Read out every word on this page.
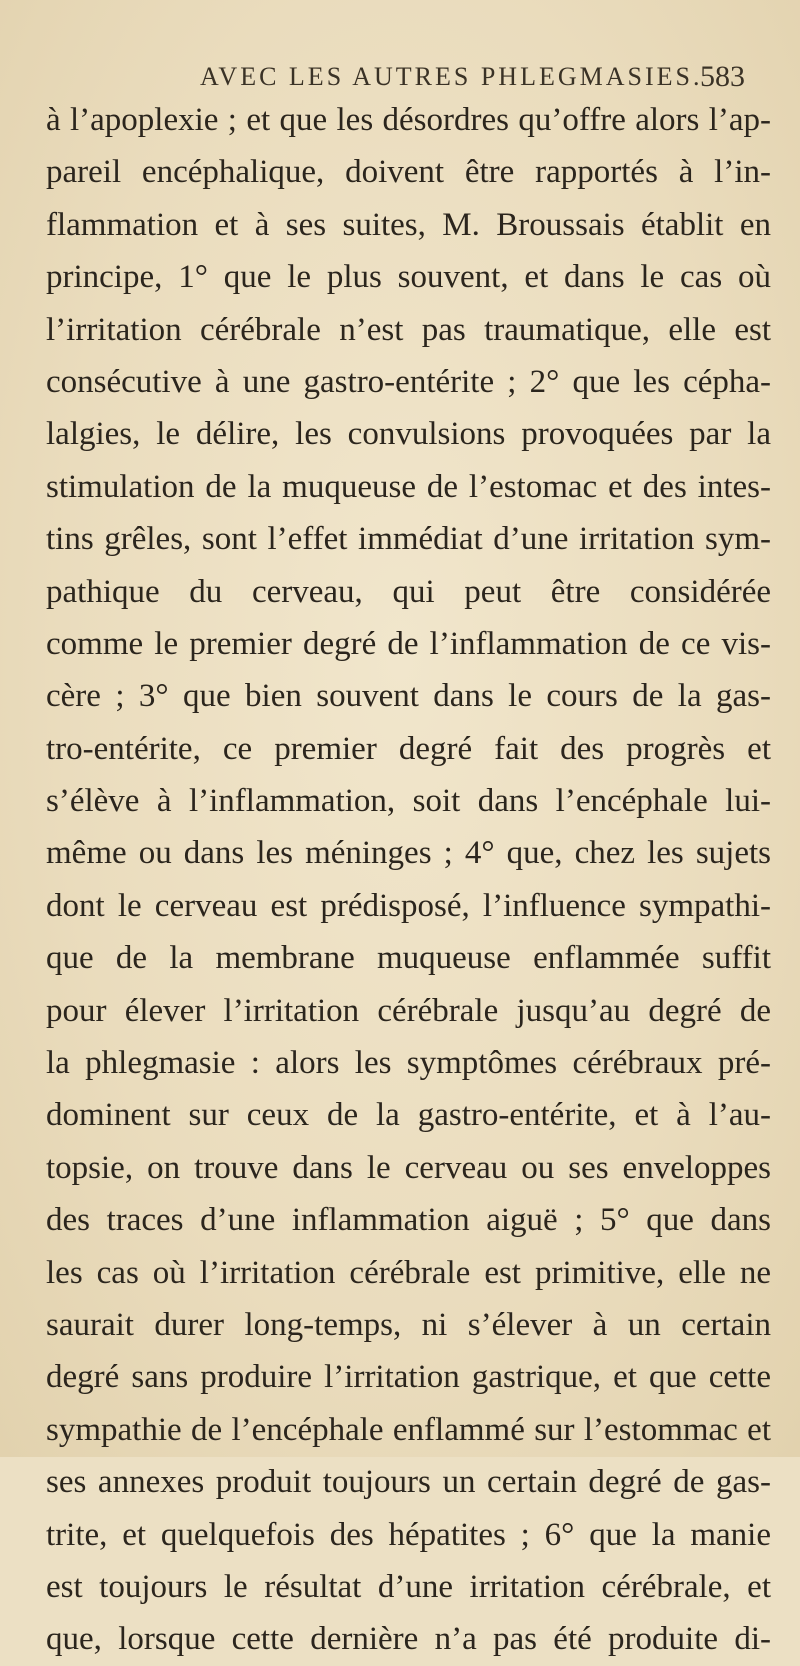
AVEC LES AUTRES PHLEGMASIES.
583
à l’apoplexie ; et que les désordres qu’offre alors l’ap-
pareil encéphalique, doivent être rapportés à l’in-
flammation et à ses suites, M. Broussais établit en
principe, 1° que le plus souvent, et dans le cas où
l’irritation cérébrale n’est pas traumatique, elle est
consécutive à une gastro-entérite ; 2° que les cépha-
lalgies, le délire, les convulsions provoquées par la
stimulation de la muqueuse de l’estomac et des intes-
tins grêles, sont l’effet immédiat d’une irritation sym-
pathique du cerveau, qui peut être considérée
comme le premier degré de l’inflammation de ce vis-
cère ; 3° que bien souvent dans le cours de la gas-
tro-entérite, ce premier degré fait des progrès et
s’élève à l’inflammation, soit dans l’encéphale lui-
même ou dans les méninges ; 4° que, chez les sujets
dont le cerveau est prédisposé, l’influence sympathi-
que de la membrane muqueuse enflammée suffit
pour élever l’irritation cérébrale jusqu’au degré de
la phlegmasie : alors les symptômes cérébraux pré-
dominent sur ceux de la gastro-entérite, et à l’au-
topsie, on trouve dans le cerveau ou ses enveloppes
des traces d’une inflammation aiguë ; 5° que dans
les cas où l’irritation cérébrale est primitive, elle ne
saurait durer long-temps, ni s’élever à un certain
degré sans produire l’irritation gastrique, et que cette
sympathie de l’encéphale enflammé sur l’estommac et
ses annexes produit toujours un certain degré de gas-
trite, et quelquefois des hépatites ; 6° que la manie
est toujours le résultat d’une irritation cérébrale, et
que, lorsque cette dernière n’a pas été produite di-
